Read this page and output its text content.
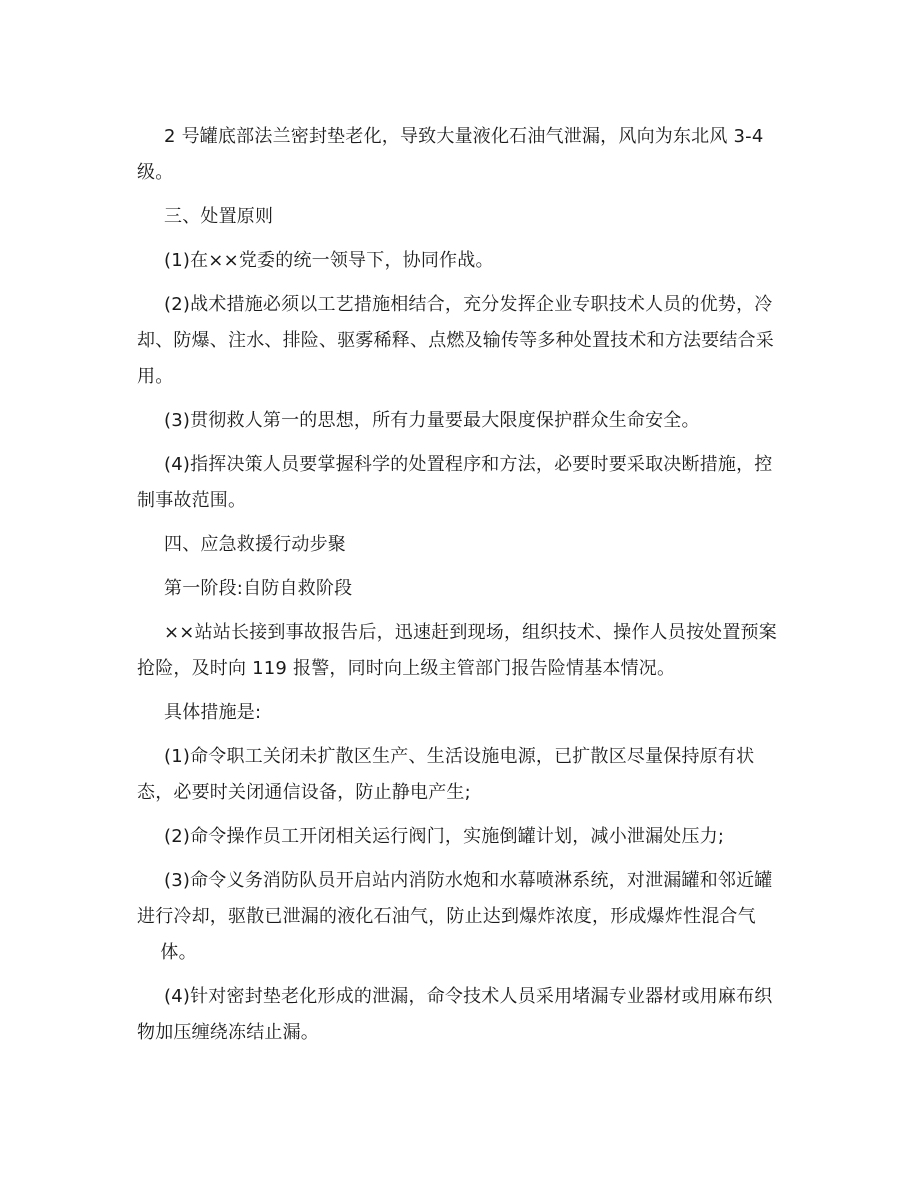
2 号罐底部法兰密封垫老化，导致大量液化石油气泄漏，风向为东北风 3-4
级。

三、处置原则

(1)在××党委的统一领导下，协同作战。

(2)战术措施必须以工艺措施相结合，充分发挥企业专职技术人员的优势，冷
却、防爆、注水、排险、驱雾稀释、点燃及输传等多种处置技术和方法要结合采
用。

(3)贯彻救人第一的思想，所有力量要最大限度保护群众生命安全。

(4)指挥决策人员要掌握科学的处置程序和方法，必要时要采取决断措施，控
制事故范围。

四、应急救援行动步聚

第一阶段:自防自救阶段

××站站长接到事故报告后，迅速赶到现场，组织技术、操作人员按处置预案
抢险，及时向 119 报警，同时向上级主管部门报告险情基本情况。

具体措施是:

(1)命令职工关闭未扩散区生产、生活设施电源，已扩散区尽量保持原有状
态，必要时关闭通信设备，防止静电产生;

(2)命令操作员工开闭相关运行阀门，实施倒罐计划，减小泄漏处压力;

(3)命令义务消防队员开启站内消防水炮和水幕喷淋系统，对泄漏罐和邻近罐
进行冷却，驱散已泄漏的液化石油气，防止达到爆炸浓度，形成爆炸性混合气
体。

(4)针对密封垫老化形成的泄漏，命令技术人员采用堵漏专业器材或用麻布织
物加压缠绕冻结止漏。
